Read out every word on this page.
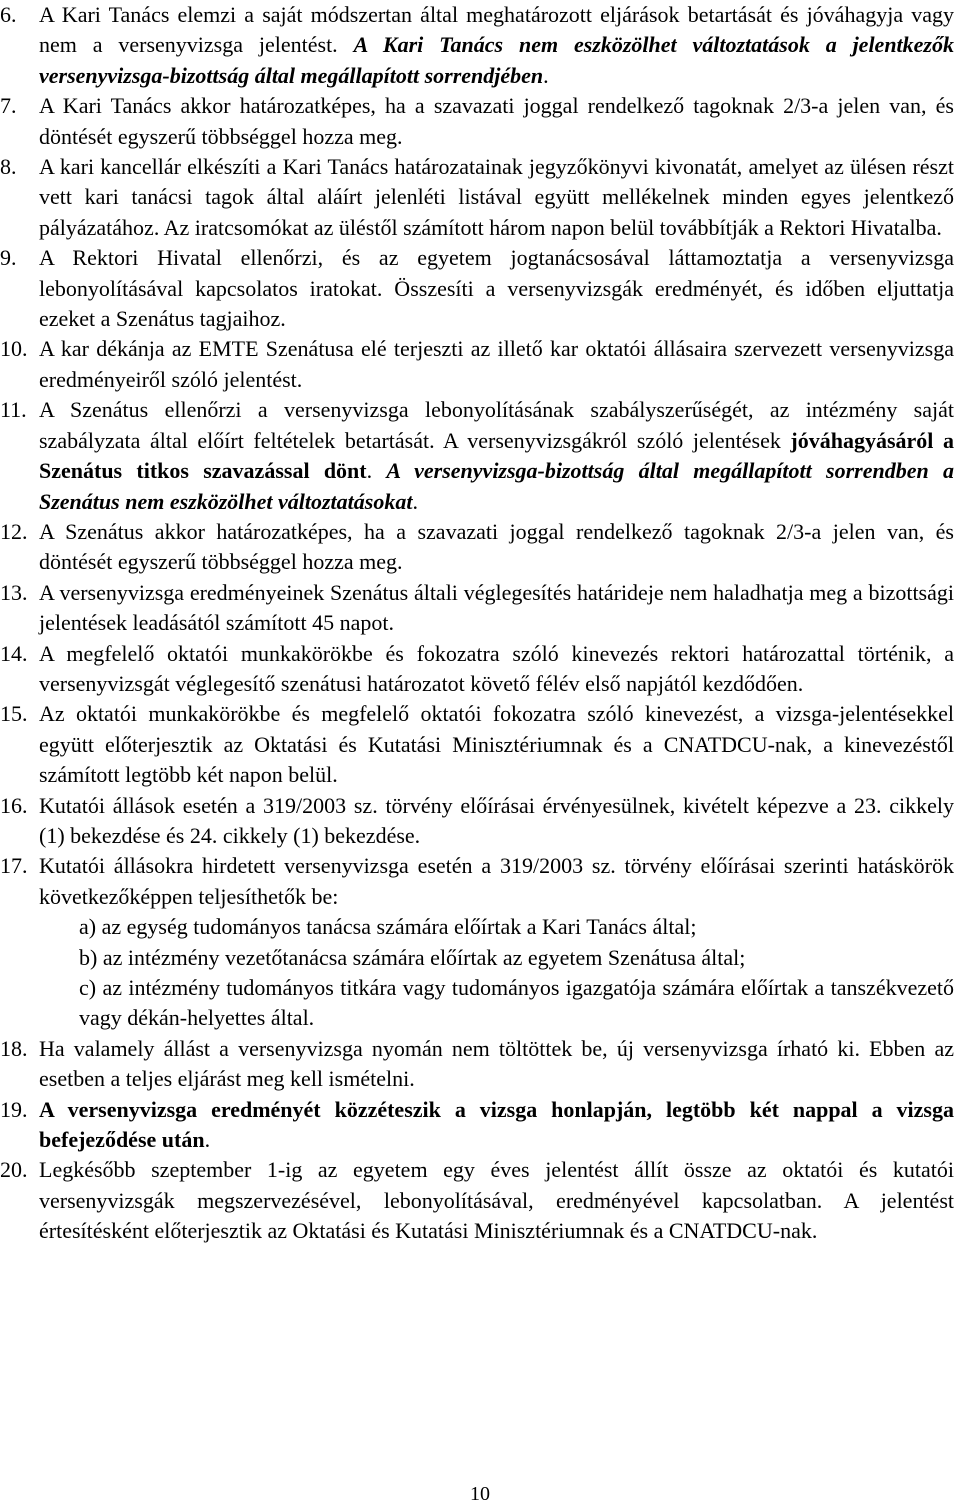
6. A Kari Tanács elemzi a saját módszertan által meghatározott eljárások betartását és jóváhagyja vagy nem a versenyvizsga jelentést. A Kari Tanács nem eszközölhet változtatások a jelentkezők versenyvizsga-bizottság által megállapított sorrendjében.
7. A Kari Tanács akkor határozatképes, ha a szavazati joggal rendelkező tagoknak 2/3-a jelen van, és döntését egyszerű többséggel hozza meg.
8. A kari kancellár elkészíti a Kari Tanács határozatainak jegyzőkönyvi kivonatát, amelyet az ülésen részt vett kari tanácsi tagok által aláírt jelenléti listával együtt mellékelnek minden egyes jelentkező pályázatához. Az iratcsomókat az üléstől számított három napon belül továbbítják a Rektori Hivatalba.
9. A Rektori Hivatal ellenőrzi, és az egyetem jogtanácsosával láttamoztatja a versenyvizsga lebonyolításával kapcsolatos iratokat. Összesíti a versenyvizsgák eredményét, és időben eljuttatja ezeket a Szenátus tagjaihoz.
10. A kar dékánja az EMTE Szenátusa elé terjeszti az illető kar oktatói állásaira szervezett versenyvizsga eredményeiről szóló jelentést.
11. A Szenátus ellenőrzi a versenyvizsga lebonyolításának szabályszerűségét, az intézmény saját szabályzata által előírt feltételek betartását. A versenyvizsgákról szóló jelentések jóváhagyásáról a Szenátus titkos szavazással dönt. A versenyvizsga-bizottság által megállapított sorrendben a Szenátus nem eszközölhet változtatásokat.
12. A Szenátus akkor határozatképes, ha a szavazati joggal rendelkező tagoknak 2/3-a jelen van, és döntését egyszerű többséggel hozza meg.
13. A versenyvizsga eredményeinek Szenátus általi véglegesítés határideje nem haladhatja meg a bizottsági jelentések leadásától számított 45 napot.
14. A megfelelő oktatói munkakörökbe és fokozatra szóló kinevezés rektori határozattal történik, a versenyvizsgát véglegesítő szenátusi határozatot követő félév első napjától kezdődően.
15. Az oktatói munkakörökbe és megfelelő oktatói fokozatra szóló kinevezést, a vizsga-jelentésekkel együtt előterjesztik az Oktatási és Kutatási Minisztériumnak és a CNATDCU-nak, a kinevezéstől számított legtöbb két napon belül.
16. Kutatói állások esetén a 319/2003 sz. törvény előírásai érvényesülnek, kivételt képezve a 23. cikkely (1) bekezdése és 24. cikkely (1) bekezdése.
17. Kutatói állásokra hirdetett versenyvizsga esetén a 319/2003 sz. törvény előírásai szerinti hatáskörök következőképpen teljesíthetők be:
a) az egység tudományos tanácsa számára előírtak a Kari Tanács által;
b) az intézmény vezetőtanácsa számára előírtak az egyetem Szenátusa által;
c) az intézmény tudományos titkára vagy tudományos igazgatója számára előírtak a tanszékvezető vagy dékán-helyettes által.
18. Ha valamely állást a versenyvizsga nyomán nem töltöttek be, új versenyvizsga írható ki. Ebben az esetben a teljes eljárást meg kell ismételni.
19. A versenyvizsga eredményét közzéteszik a vizsga honlapján, legtöbb két nappal a vizsga befejeződése után.
20. Legkésőbb szeptember 1-ig az egyetem egy éves jelentést állít össze az oktatói és kutatói versenyvizsgák megszervezésével, lebonyolításával, eredményével kapcsolatban. A jelentést értesítésként előterjesztik az Oktatási és Kutatási Minisztériumnak és a CNATDCU-nak.
10
